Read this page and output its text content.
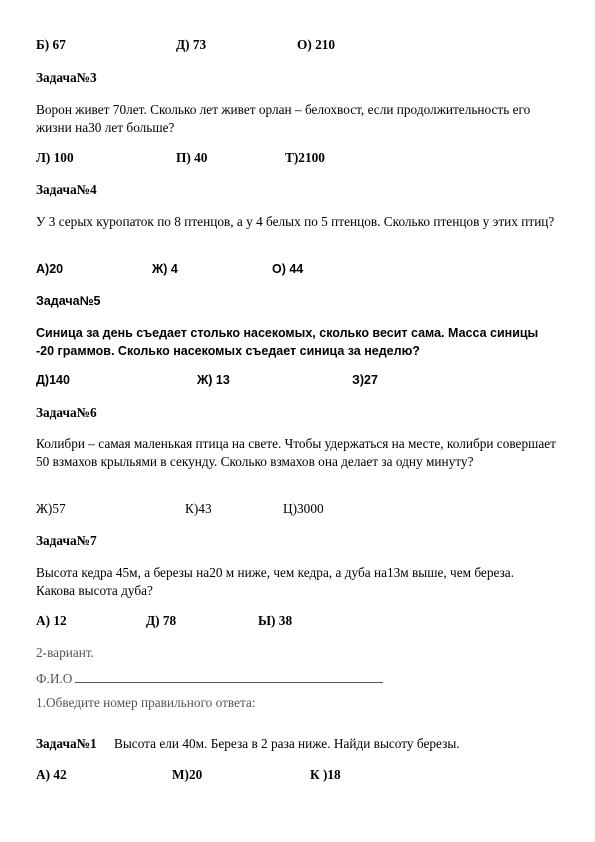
Б) 67	Д) 73	О) 210
Задача№3
Ворон живет 70лет. Сколько лет живет орлан – белохвост, если продолжительность его жизни на30 лет больше?
Л) 100	П) 40	Т)2100
Задача№4
У 3 серых куропаток по 8 птенцов, а у 4 белых по 5 птенцов. Сколько птенцов у этих птиц?
А)20	Ж) 4	О) 44
Задача№5
Синица за день съедает столько насекомых, сколько весит сама. Масса синицы -20 граммов. Сколько насекомых съедает синица за неделю?
Д)140	Ж) 13	З)27
Задача№6
Колибри – самая маленькая птица на свете. Чтобы удержаться на месте, колибри совершает 50 взмахов крыльями в секунду. Сколько взмахов она делает за одну минуту?
Ж)57	К)43	Ц)3000
Задача№7
Высота кедра 45м, а березы на20 м ниже, чем кедра, а дуба на13м выше, чем береза. Какова высота дуба?
А) 12	Д) 78	Ы) 38
2-вариант.
Ф.И.О
1.Обведите номер правильного ответа:
Задача№1 Высота ели 40м. Береза в 2 раза ниже. Найди высоту березы.
А) 42	М)20	К )18
